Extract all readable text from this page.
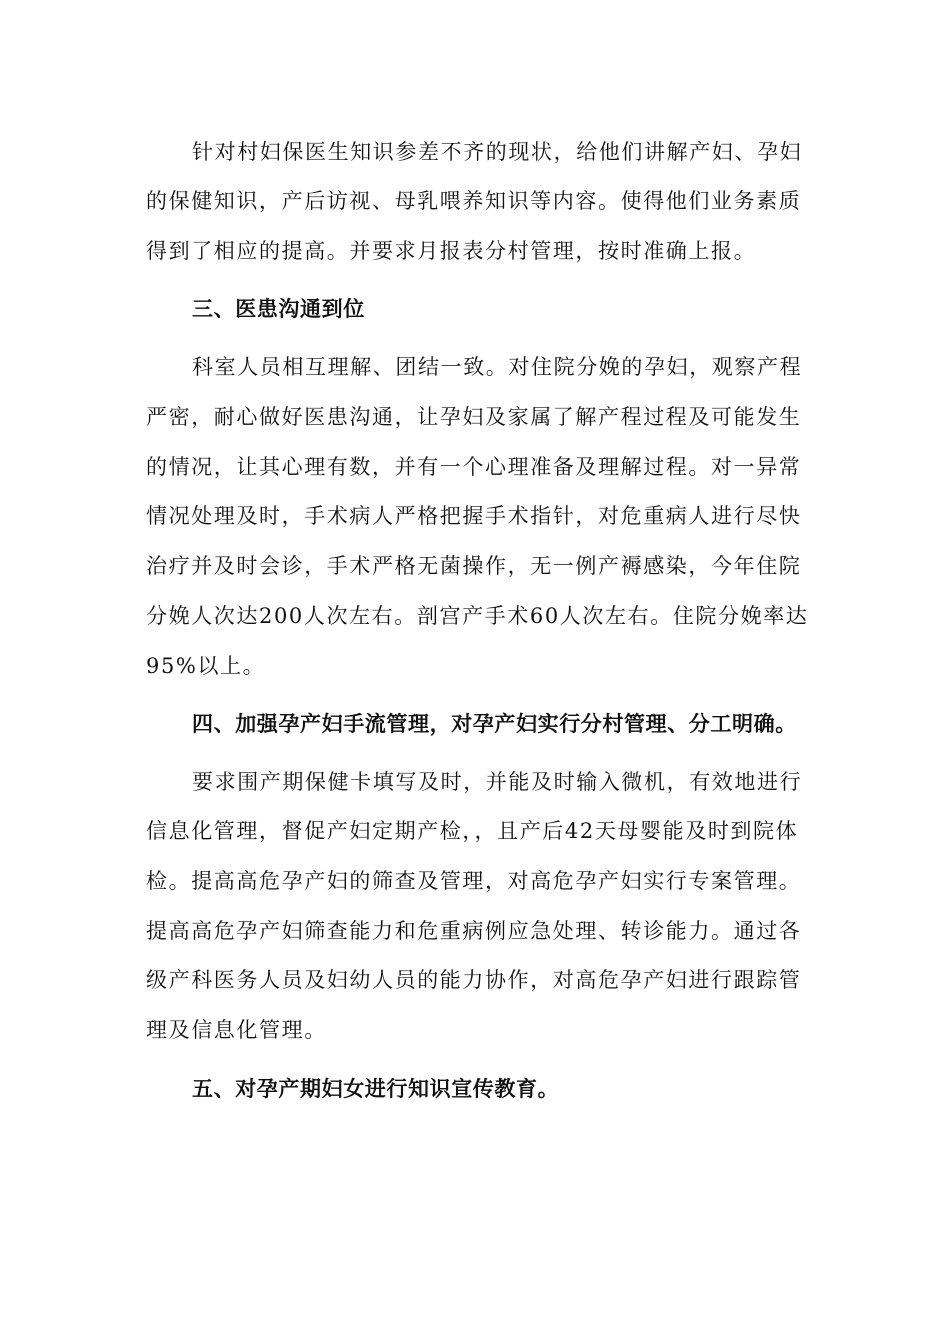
针对村妇保医生知识参差不齐的现状，给他们讲解产妇、孕妇
的保健知识，产后访视、母乳喂养知识等内容。使得他们业务素质
得到了相应的提高。并要求月报表分村管理，按时准确上报。
三、医患沟通到位
科室人员相互理解、团结一致。对住院分娩的孕妇，观察产程
严密，耐心做好医患沟通，让孕妇及家属了解产程过程及可能发生
的情况，让其心理有数，并有一个心理准备及理解过程。对一异常
情况处理及时，手术病人严格把握手术指针，对危重病人进行尽快
治疗并及时会诊，手术严格无菌操作，无一例产褥感染，今年住院
分娩人次达200人次左右。剖宫产手术60人次左右。住院分娩率达
95%以上。
四、加强孕产妇手流管理，对孕产妇实行分村管理、分工明确。
要求围产期保健卡填写及时，并能及时输入微机，有效地进行
信息化管理，督促产妇定期产检，，且产后42天母婴能及时到院体
检。提高高危孕产妇的筛查及管理，对高危孕产妇实行专案管理。
提高高危孕产妇筛查能力和危重病例应急处理、转诊能力。通过各
级产科医务人员及妇幼人员的能力协作，对高危孕产妇进行跟踪管
理及信息化管理。
五、对孕产期妇女进行知识宣传教育。
